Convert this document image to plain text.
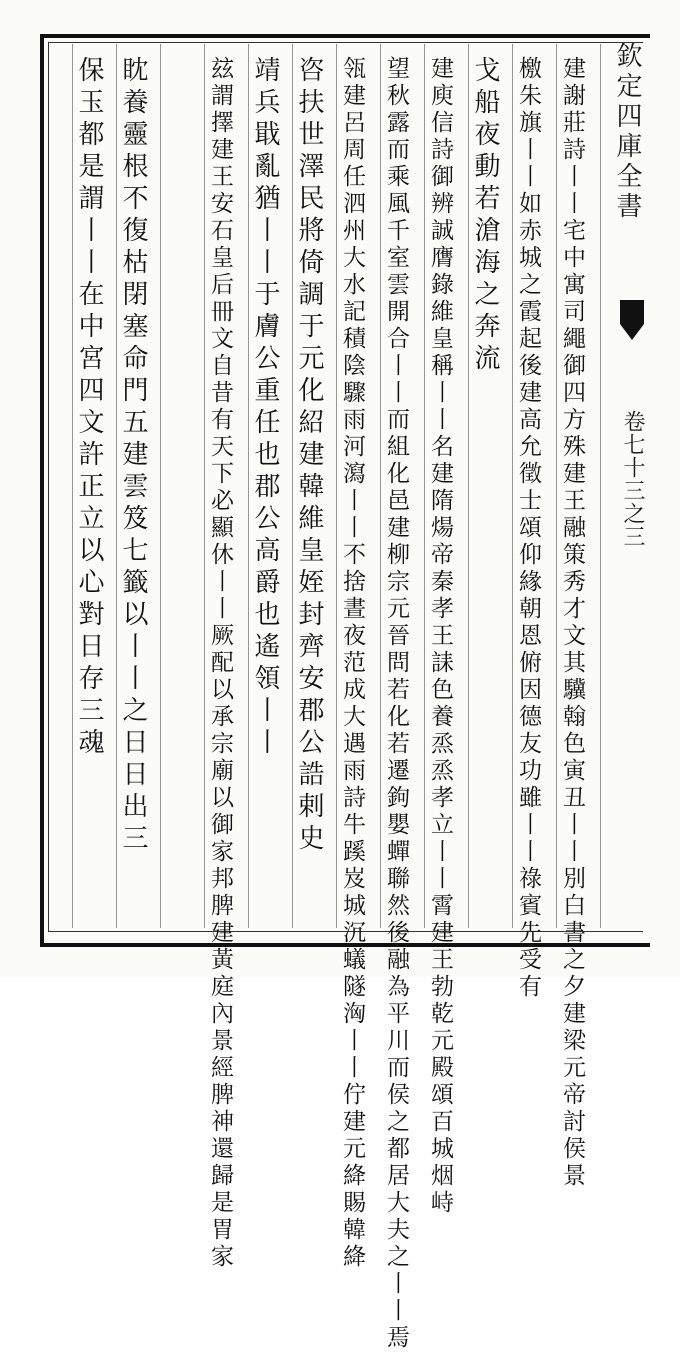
欽定四庫全書
卷七十三之三
建謝莊詩丨丨宅中寓司繩御四方殊建王融策秀才文其驥翰色寅丑丨丨別白書之夕建梁元帝討侯景
檄朱旗丨丨如赤城之霞起後建高允徵士頌仰緣朝恩俯因德友功雖丨丨祿賓先受有
戈船夜動若滄海之奔流
建庾信詩御辨誠膺錄維皇稱丨丨名建隋煬帝秦孝王誄色養烝烝孝立丨丨霄建王勃乾元殿頌百城烟峙
望秋露而乘風千室雲開合丨丨而組化邑建柳宗元晉問若化若遷鉤嬰蟬聯然後融為平川而侯之都居大夫之丨丨焉
瓴建呂周任泗州大水記積陰驟雨河瀉丨丨不捨晝夜范成大遇雨詩牛蹊岌城沉蟻隧洶丨丨佇建元絳賜韓絳
咨扶世澤民將倚調于元化紹建韓維皇姪封齊安郡公誥剌史
靖兵戢亂猶丨丨于膚公重任也郡公高爵也遙領丨丨
玆謂擇建王安石皇后冊文自昔有天下必顯休丨丨厥配以承宗廟以御家邦脾建黃庭內景經脾神還歸是胃家
眈養靈根不復枯閉塞命門五建雲笈七籤以丨丨之日日出三
保玉都是謂丨丨在中宮四文許正立以心對日存三魂
